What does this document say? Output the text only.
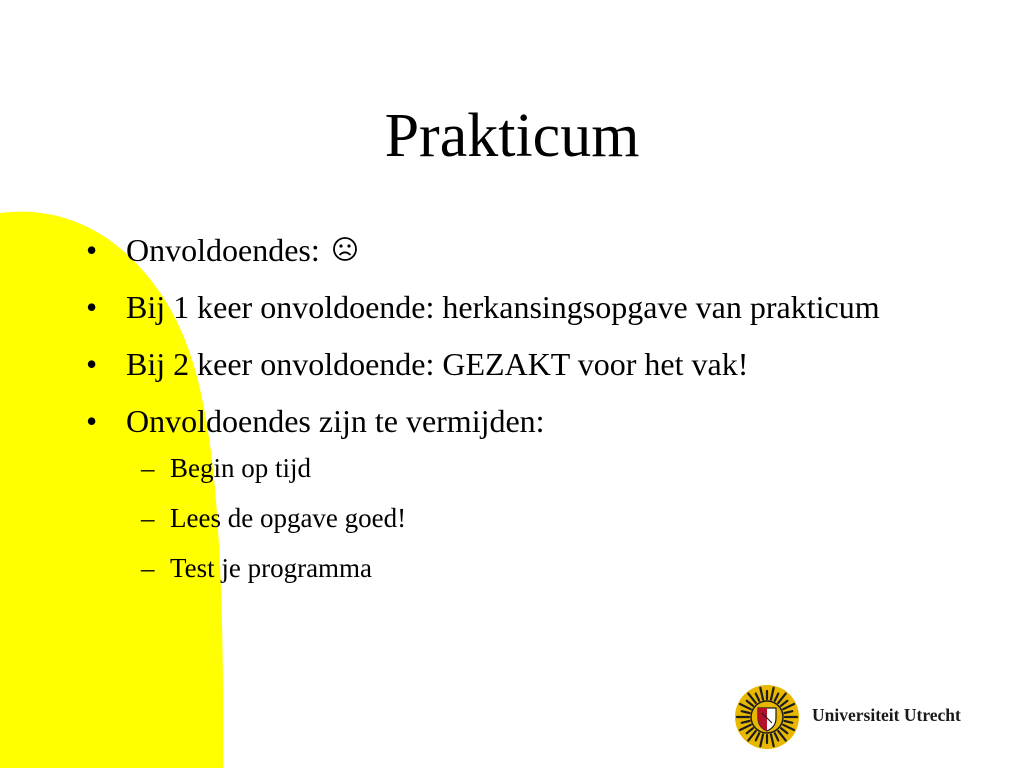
Prakticum
• Onvoldoendes:
• Bij 1 keer onvoldoende: herkansingsopgave van prakticum
• Bij 2 keer onvoldoende: GEZAKT voor het vak!
• Onvoldoendes zijn te vermijden:
– Begin op tijd
– Lees de opgave goed!
– Test je programma
Universiteit Utrecht
